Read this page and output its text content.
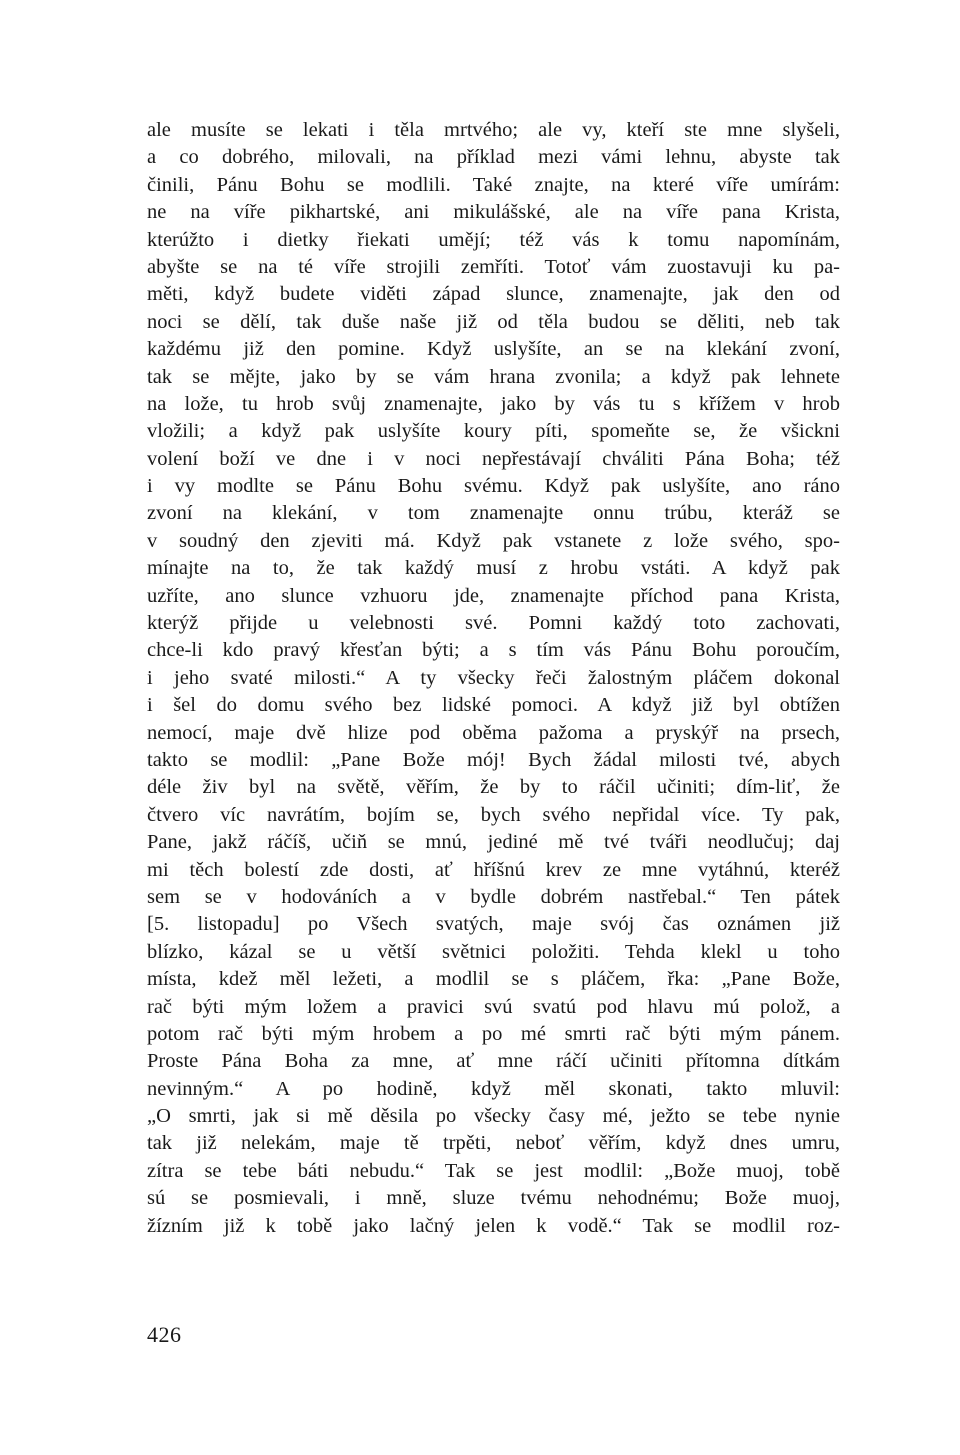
ale musíte se lekati i těla mrtvého; ale vy, kteří ste mne slyšeli,
a co dobrého, milovali, na příklad mezi vámi lehnu, abyste tak
činili, Pánu Bohu se modlili. Také znajte, na které víře umírám:
ne na víře pikhartské, ani mikulášské, ale na víře pana Krista,
kterúžto i dietky řiekati umějí; též vás k tomu napomínám,
abyšte se na té víře strojili zemříti. Totoť vám zuostavuji ku pa-
měti, když budete viděti západ slunce, znamenajte, jak den od
noci se dělí, tak duše naše již od těla budou se děliti, neb tak
každému již den pomine. Když uslyšíte, an se na klekání zvoní,
tak se mějte, jako by se vám hrana zvonila; a když pak lehnete
na lože, tu hrob svůj znamenajte, jako by vás tu s křížem v hrob
vložili; a když pak uslyšíte koury píti, spomeňte se, že všickni
volení boží ve dne i v noci nepřestávají chváliti Pána Boha; též
i vy modlte se Pánu Bohu svému. Když pak uslyšíte, ano ráno
zvoní na klekání, v tom znamenajte onnu trúbu, kteráž se
v soudný den zjeviti má. Když pak vstanete z lože svého, spo-
mínajte na to, že tak každý musí z hrobu vstáti. A když pak
uzříte, ano slunce vzhuoru jde, znamenajte příchod pana Krista,
kterýž přijde u velebnosti své. Pomni každý toto zachovati,
chce-li kdo pravý křesťan býti; a s tím vás Pánu Bohu poroučím,
i jeho svaté milosti.“ A ty všecky řeči žalostným pláčem dokonal
i šel do domu svého bez lidské pomoci. A když již byl obtížen
nemocí, maje dvě hlize pod oběma pažoma a pryskýř na prsech,
takto se modlil: „Pane Bože mój! Bych žádal milosti tvé, abych
déle živ byl na světě, věřím, že by to ráčil učiniti; dím-liť, že
čtvero víc navrátím, bojím se, bych svého nepřidal více. Ty pak,
Pane, jakž ráčíš, učiň se mnú, jediné mě tvé tváři neodlučuj; daj
mi těch bolestí zde dosti, ať hříšnú krev ze mne vytáhnú, kteréž
sem se v hodováních a v bydle dobrém nastřebal.“ Ten pátek
[5. listopadu] po Všech svatých, maje svój čas oznámen již
blízko, kázal se u větší světnici položiti. Tehda klekl u toho
místa, kdež měl ležeti, a modlil se s pláčem, řka: „Pane Bože,
rač býti mým ložem a pravici svú svatú pod hlavu mú polož, a
potom rač býti mým hrobem a po mé smrti rač býti mým pánem.
Proste Pána Boha za mne, ať mne ráčí učiniti přítomna dítkám
nevinným.“ A po hodině, když měl skonati, takto mluvil:
„O smrti, jak si mě děsila po všecky časy mé, ježto se tebe nynie
tak již nelekám, maje tě trpěti, neboť věřím, když dnes umru,
zítra se tebe báti nebudu.“ Tak se jest modlil: „Bože muoj, tobě
sú se posmievali, i mně, sluze tvému nehodnému; Bože muoj,
žízním již k tobě jako lačný jelen k vodě.“ Tak se modlil roz-
426
